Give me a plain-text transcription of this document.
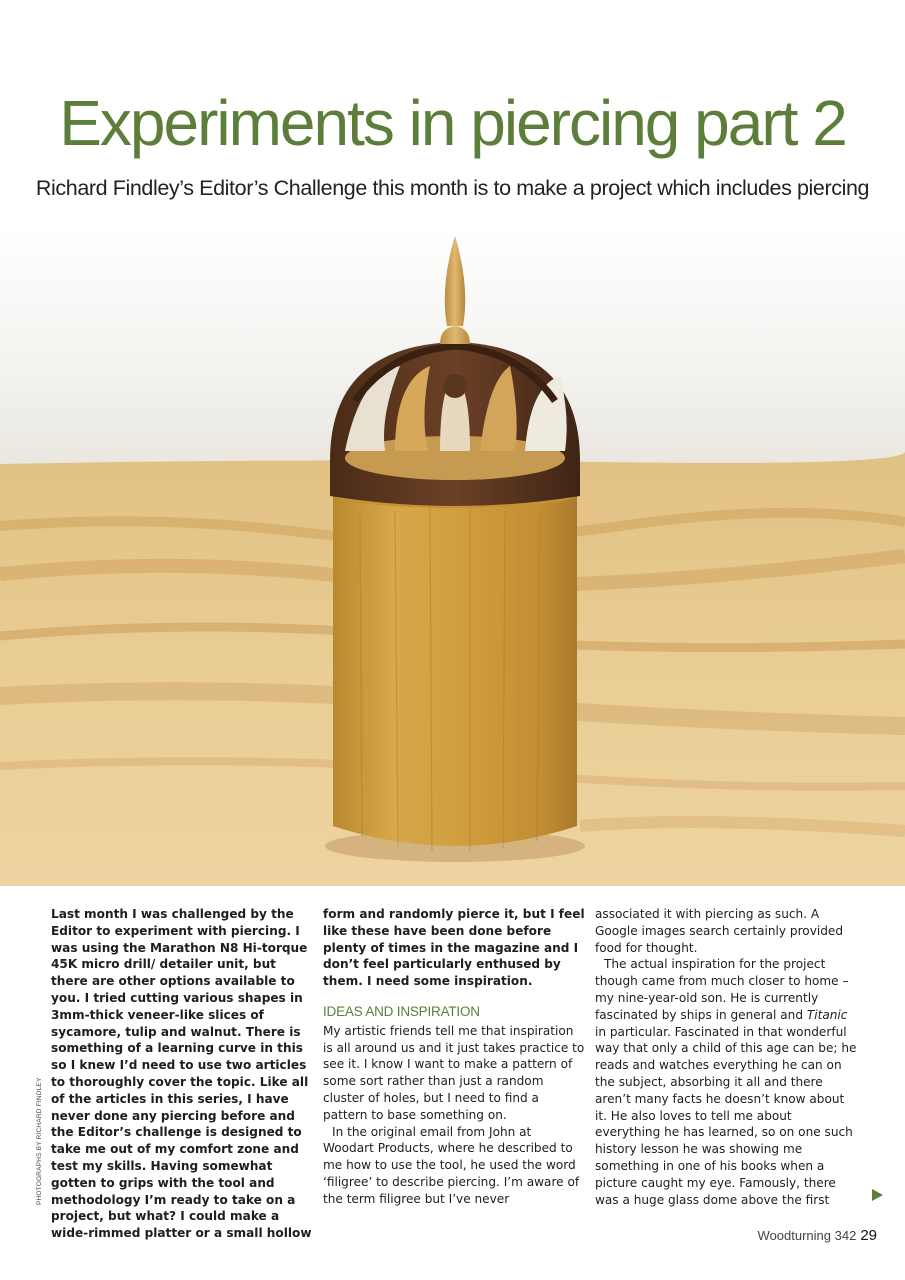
Experiments in piercing part 2
Richard Findley’s Editor’s Challenge this month is to make a project which includes piercing
PHOTOGRAPHS BY RICHARD FINDLEY

Last month I was challenged by the Editor to experiment with piercing. I was using the Marathon N8 Hi-torque 45K micro drill/ detailer unit, but there are other options available to you. I tried cutting various shapes in 3mm-thick veneer-like slices of sycamore, tulip and walnut. There is something of a learning curve in this so I knew I’d need to use two articles to thoroughly cover the topic. Like all of the articles in this series, I have never done any piercing before and the Editor’s challenge is designed to take me out of my comfort zone and test my skills. Having somewhat gotten to grips with the tool and methodology I’m ready to take on a project, but what? I could make a wide-rimmed platter or a small hollow

form and randomly pierce it, but I feel like these have been done before plenty of times in the magazine and I don’t feel particularly enthused by them. I need some inspiration.

IDEAS AND INSPIRATION

My artistic friends tell me that inspiration is all around us and it just takes practice to see it. I know I want to make a pattern of some sort rather than just a random cluster of holes, but I need to find a pattern to base something on.

In the original email from John at Woodart Products, where he described to me how to use the tool, he used the word ‘filigree’ to describe piercing. I’m aware of the term filigree but I’ve never

associated it with piercing as such. A Google images search certainly provided food for thought.

The actual inspiration for the project though came from much closer to home – my nine-year-old son. He is currently fascinated by ships in general and Titanic in particular. Fascinated in that wonderful way that only a child of this age can be; he reads and watches everything he can on the subject, absorbing it all and there aren’t many facts he doesn’t know about it. He also loves to tell me about everything he has learned, so on one such history lesson he was showing me something in one of his books when a picture caught my eye. Famously, there was a huge glass dome above the first

Woodturning 342 29
